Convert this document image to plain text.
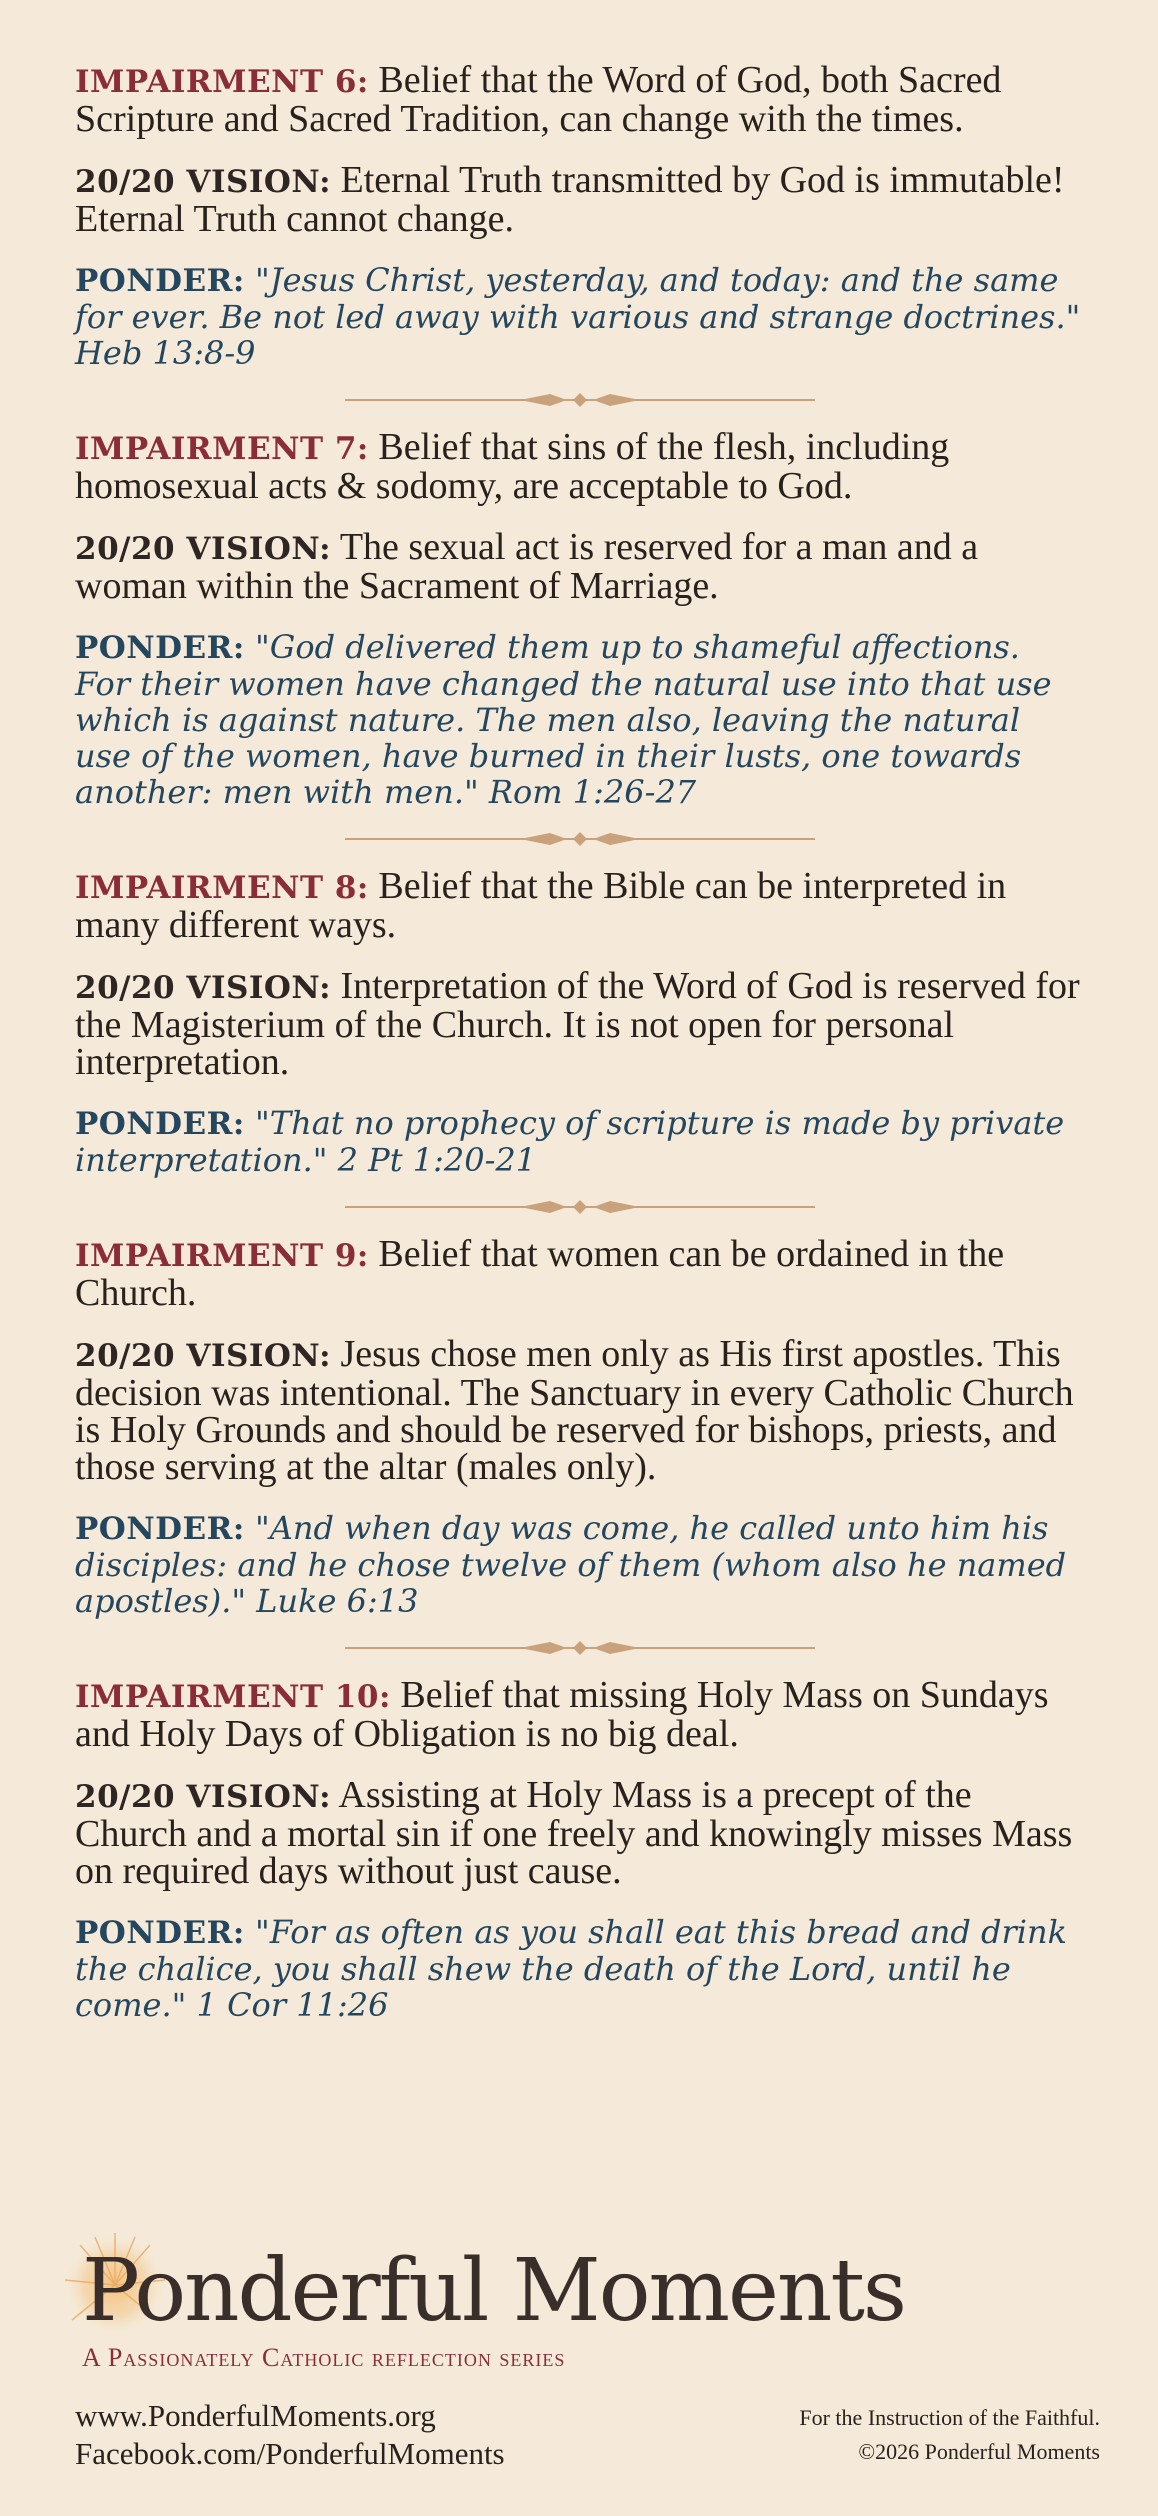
IMPAIRMENT 6: Belief that the Word of God, both Sacred Scripture and Sacred Tradition, can change with the times.

20/20 VISION: Eternal Truth transmitted by God is immutable! Eternal Truth cannot change.

PONDER: "Jesus Christ, yesterday, and today: and the same for ever. Be not led away with various and strange doctrines." Heb 13:8-9

IMPAIRMENT 7: Belief that sins of the flesh, including homosexual acts & sodomy, are acceptable to God.

20/20 VISION: The sexual act is reserved for a man and a woman within the Sacrament of Marriage.

PONDER: "God delivered them up to shameful affections. For their women have changed the natural use into that use which is against nature. The men also, leaving the natural use of the women, have burned in their lusts, one towards another: men with men." Rom 1:26-27

IMPAIRMENT 8: Belief that the Bible can be interpreted in many different ways.

20/20 VISION: Interpretation of the Word of God is reserved for the Magisterium of the Church. It is not open for personal interpretation.

PONDER: "That no prophecy of scripture is made by private interpretation." 2 Pt 1:20-21

IMPAIRMENT 9: Belief that women can be ordained in the Church.

20/20 VISION: Jesus chose men only as His first apostles. This decision was intentional. The Sanctuary in every Catholic Church is Holy Grounds and should be reserved for bishops, priests, and those serving at the altar (males only).

PONDER: "And when day was come, he called unto him his disciples: and he chose twelve of them (whom also he named apostles)." Luke 6:13

IMPAIRMENT 10: Belief that missing Holy Mass on Sundays and Holy Days of Obligation is no big deal.

20/20 VISION: Assisting at Holy Mass is a precept of the Church and a mortal sin if one freely and knowingly misses Mass on required days without just cause.

PONDER: "For as often as you shall eat this bread and drink the chalice, you shall shew the death of the Lord, until he come." 1 Cor 11:26

Ponderful Moments
A Passionately Catholic reflection series
www.PonderfulMoments.org
Facebook.com/PonderfulMoments
For the Instruction of the Faithful.
©2026 Ponderful Moments
